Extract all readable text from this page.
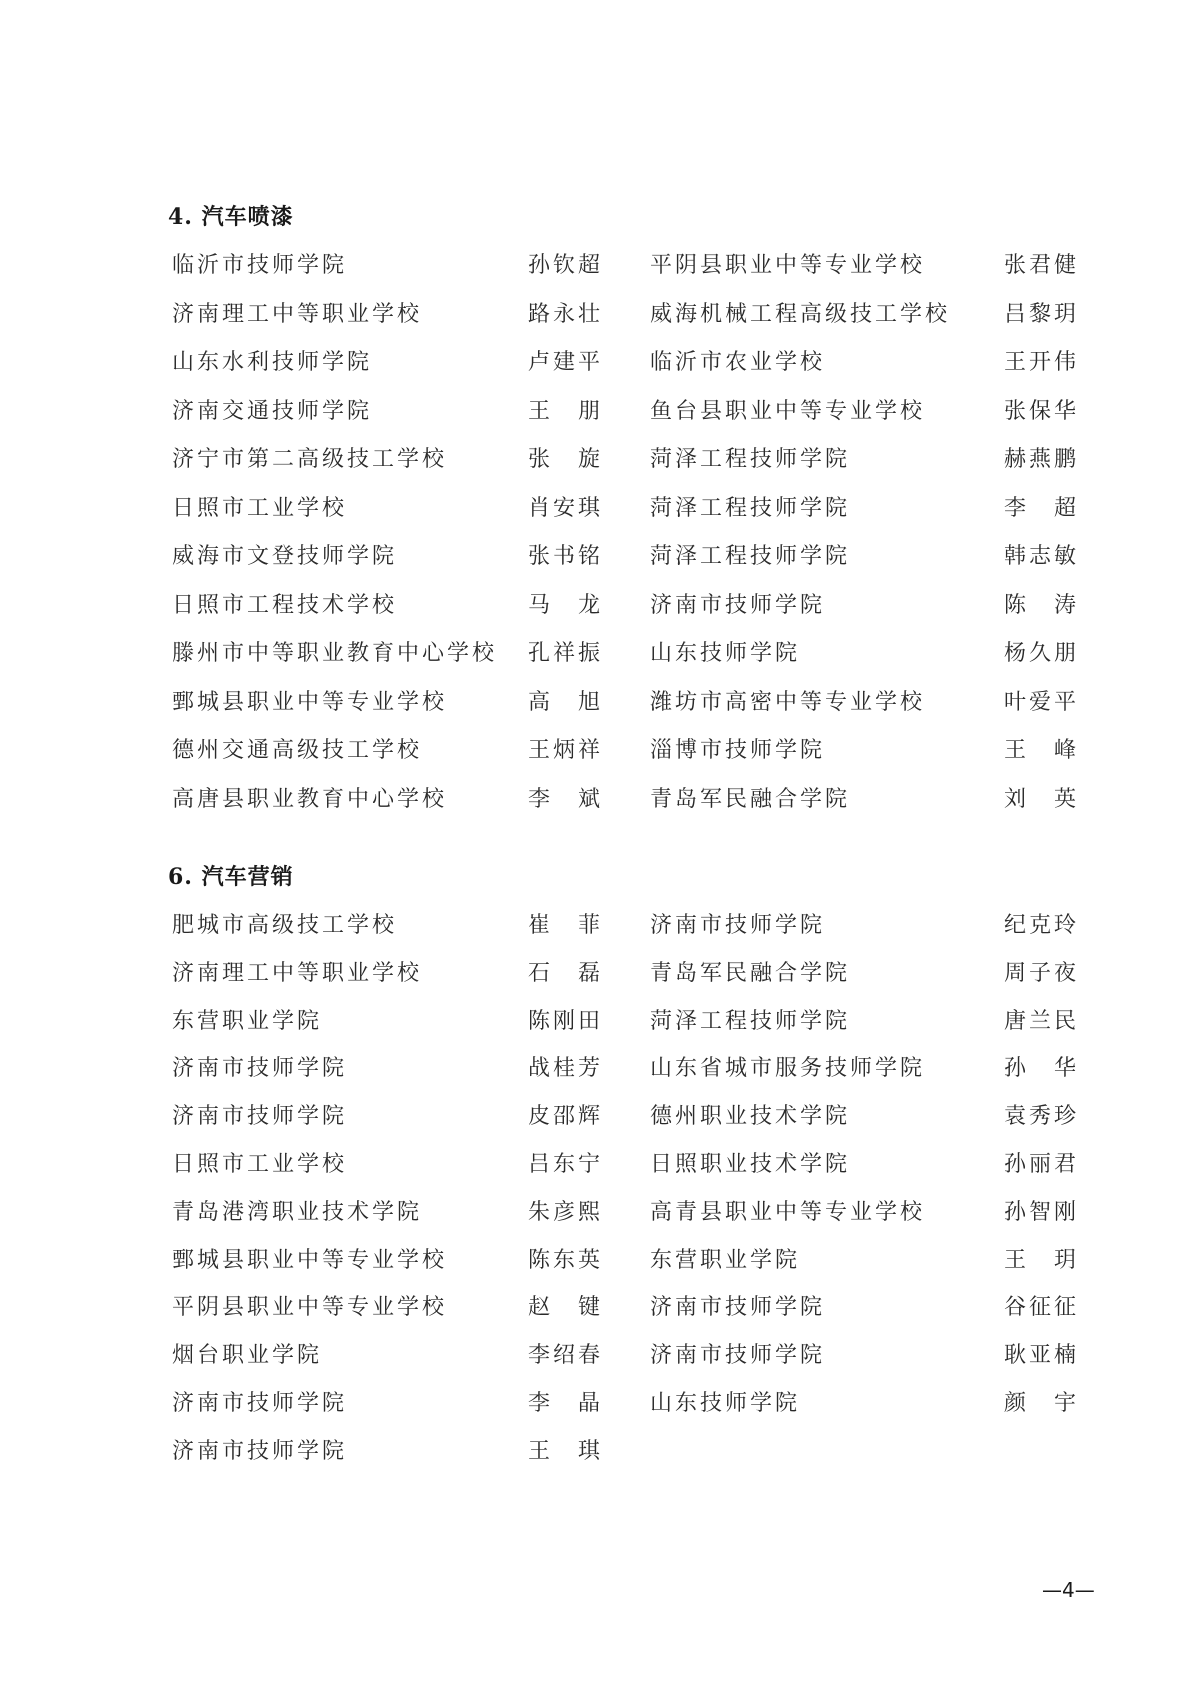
4. 汽车喷漆
临沂市技师学院	孙钦超 平阴县职业中等专业学校	张君健
济南理工中等职业学校	路永壮 威海机械工程高级技工学校 吕黎玥
山东水利技师学院	卢建平 临沂市农业学校	王开伟
济南交通技师学院	王　朋 鱼台县职业中等专业学校	张保华
济宁市第二高级技工学校	张　旋 菏泽工程技师学院	赫燕鹏
日照市工业学校	肖安琪 菏泽工程技师学院	李　超
威海市文登技师学院	张书铭 菏泽工程技师学院	韩志敏
日照市工程技术学校	马　龙 济南市技师学院	陈　涛
滕州市中等职业教育中心学校 孔祥振 山东技师学院	杨久朋
鄄城县职业中等专业学校	高　旭 潍坊市高密中等专业学校	叶爱平
德州交通高级技工学校	王炳祥 淄博市技师学院	王　峰
高唐县职业教育中心学校	李　斌 青岛军民融合学院	刘　英
6. 汽车营销
肥城市高级技工学校	崔　菲 济南市技师学院	纪克玲
济南理工中等职业学校	石　磊 青岛军民融合学院	周子夜
东营职业学院	陈刚田 菏泽工程技师学院	唐兰民
济南市技师学院	战桂芳 山东省城市服务技师学院	孙　华
济南市技师学院	皮邵辉 德州职业技术学院	袁秀珍
日照市工业学校	吕东宁 日照职业技术学院	孙丽君
青岛港湾职业技术学院	朱彦熙 高青县职业中等专业学校	孙智刚
鄄城县职业中等专业学校	陈东英 东营职业学院	王　玥
平阴县职业中等专业学校	赵　键 济南市技师学院	谷征征
烟台职业学院	李绍春 济南市技师学院	耿亚楠
济南市技师学院	李　晶 山东技师学院	颜　宇
济南市技师学院	王　琪
—4—
